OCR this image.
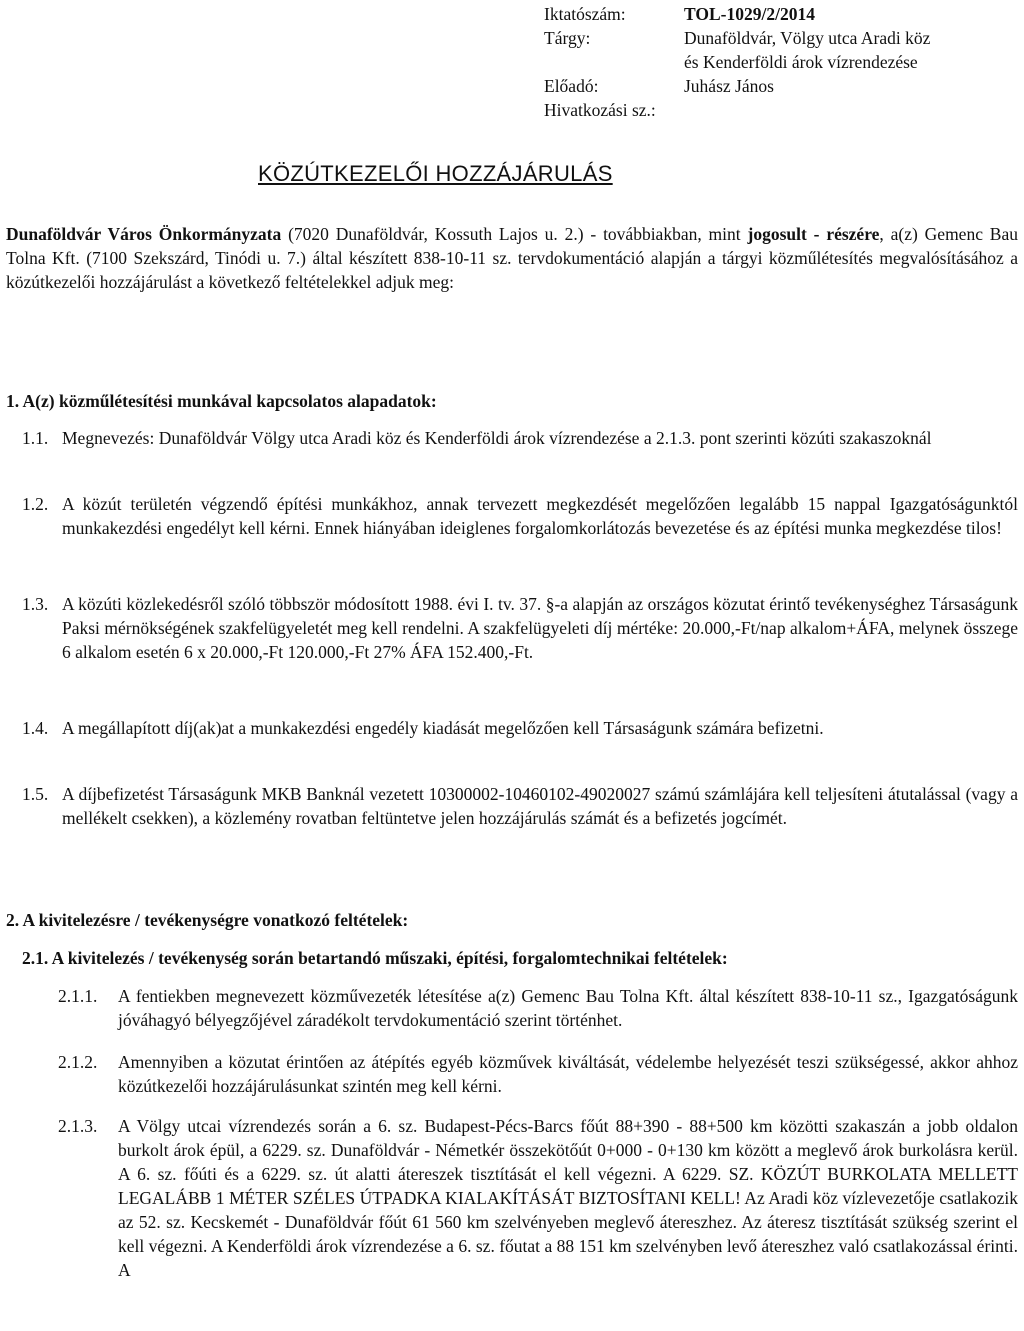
Iktatószám:	TOL-1029/2/2014
Tárgy:	Dunaföldvár, Völgy utca Aradi köz
és Kenderföldi árok vízrendezése
Előadó:	Juhász János
Hivatkozási sz.:
KÖZÚTKEZELŐI HOZZÁJÁRULÁS

Dunaföldvár Város Önkormányzata (7020 Dunaföldvár, Kossuth Lajos u. 2.) - továbbiakban, mint jogosult - részére, a(z) Gemenc Bau Tolna Kft. (7100 Szekszárd, Tinódi u. 7.) által készített 838-10-11 sz. tervdokumentáció alapján a tárgyi közműlétesítés megvalósításához a közútkezelői hozzájárulást a következő feltételekkel adjuk meg:

1. A(z) közműlétesítési munkával kapcsolatos alapadatok:
1.1. Megnevezés: Dunaföldvár Völgy utca Aradi köz és Kenderföldi árok vízrendezése a 2.1.3. pont szerinti közúti szakaszoknál

1.2. A közút területén végzendő építési munkákhoz, annak tervezett megkezdését megelőzően legalább 15 nappal Igazgatóságunktól munkakezdési engedélyt kell kérni. Ennek hiányában ideiglenes forgalomkorlátozás bevezetése és az építési munka megkezdése tilos!

1.3. A közúti közlekedésről szóló többször módosított 1988. évi I. tv. 37. §-a alapján az országos közutat érintő tevékenységhez Társaságunk Paksi mérnökségének szakfelügyeletét meg kell rendelni. A szakfelügyeleti díj mértéke: 20.000,-Ft/nap alkalom+ÁFA, melynek összege 6 alkalom esetén 6 x 20.000,-Ft 120.000,-Ft 27% ÁFA 152.400,-Ft.

1.4. A megállapított díj(ak)at a munkakezdési engedély kiadását megelőzően kell Társaságunk számára befizetni.

1.5. A díjbefizetést Társaságunk MKB Banknál vezetett 10300002-10460102-49020027 számú számlájára kell teljesíteni átutalással (vagy a mellékelt csekken), a közlemény rovatban feltüntetve jelen hozzájárulás számát és a befizetés jogcímét.

2. A kivitelezésre / tevékenységre vonatkozó feltételek:
2.1. A kivitelezés / tevékenység során betartandó műszaki, építési, forgalomtechnikai feltételek:
2.1.1.	A fentiekben megnevezett közművezeték létesítése a(z) Gemenc Bau Tolna Kft. által készített 838-10-11 sz., Igazgatóságunk jóváhagyó bélyegzőjével záradékolt tervdokumentáció szerint történhet.

2.1.2.	Amennyiben a közutat érintően az átépítés egyéb közművek kiváltását, védelembe helyezését teszi szükségessé, akkor ahhoz közútkezelői hozzájárulásunkat szintén meg kell kérni.

2.1.3.	A Völgy utcai vízrendezés során a 6. sz. Budapest-Pécs-Barcs főút 88+390 - 88+500 km közötti szakaszán a jobb oldalon burkolt árok épül, a 6229. sz. Dunaföldvár - Németkér összekötőút 0+000 - 0+130 km között a meglevő árok burkolásra kerül. A 6. sz. főúti és a 6229. sz. út alatti átereszek tisztítását el kell végezni. A 6229. SZ. KÖZÚT BURKOLATA MELLETT LEGALÁBB 1 MÉTER SZÉLES ÚTPADKA KIALAKÍTÁSÁT BIZTOSÍTANI KELL! Az Aradi köz vízlevezetője csatlakozik az 52. sz. Kecskemét - Dunaföldvár főút 61 560 km szelvényeben meglevő átereszhez. Az áteresz tisztítását szükség szerint el kell végezni. A Kenderföldi árok vízrendezése a 6. sz. főutat a 88 151 km szelvényben levő átereszhez való csatlakozással érinti. A
